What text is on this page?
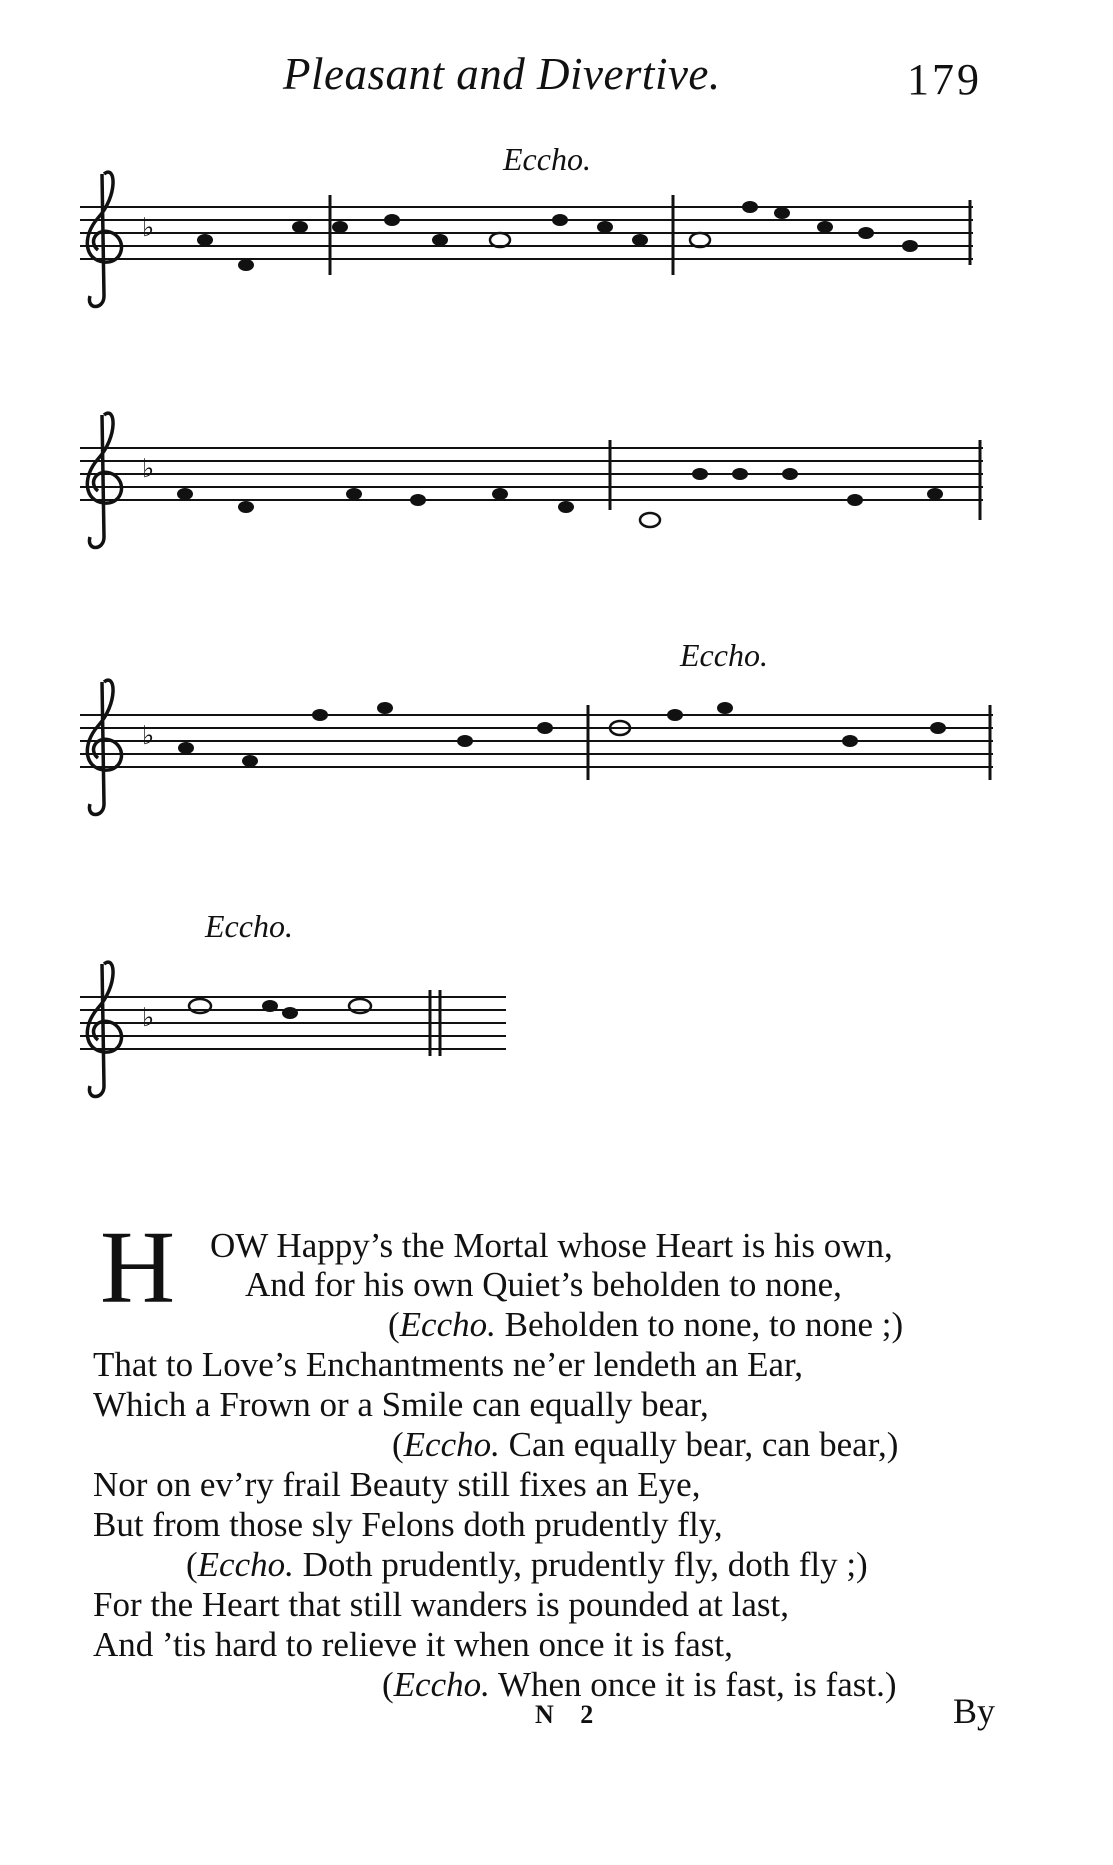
Pleasant and Divertive.	179
Eccho.
Eccho.
Eccho.
♭
♭
♭
♭
H OW Happy’s the Mortal whose Heart is his own,
And for his own Quiet’s beholden to none,
(Eccho. Beholden to none, to none ;)
That to Love’s Enchantments ne’er lendeth an Ear,
Which a Frown or a Smile can equally bear,
(Eccho. Can equally bear, can bear,)
Nor on ev’ry frail Beauty still fixes an Eye,
But from those sly Felons doth prudently fly,
(Eccho. Doth prudently, prudently fly, doth fly ;)
For the Heart that still wanders is pounded at last,
And ’tis hard to relieve it when once it is fast,
(Eccho. When once it is fast, is fast.)
N 2	By
